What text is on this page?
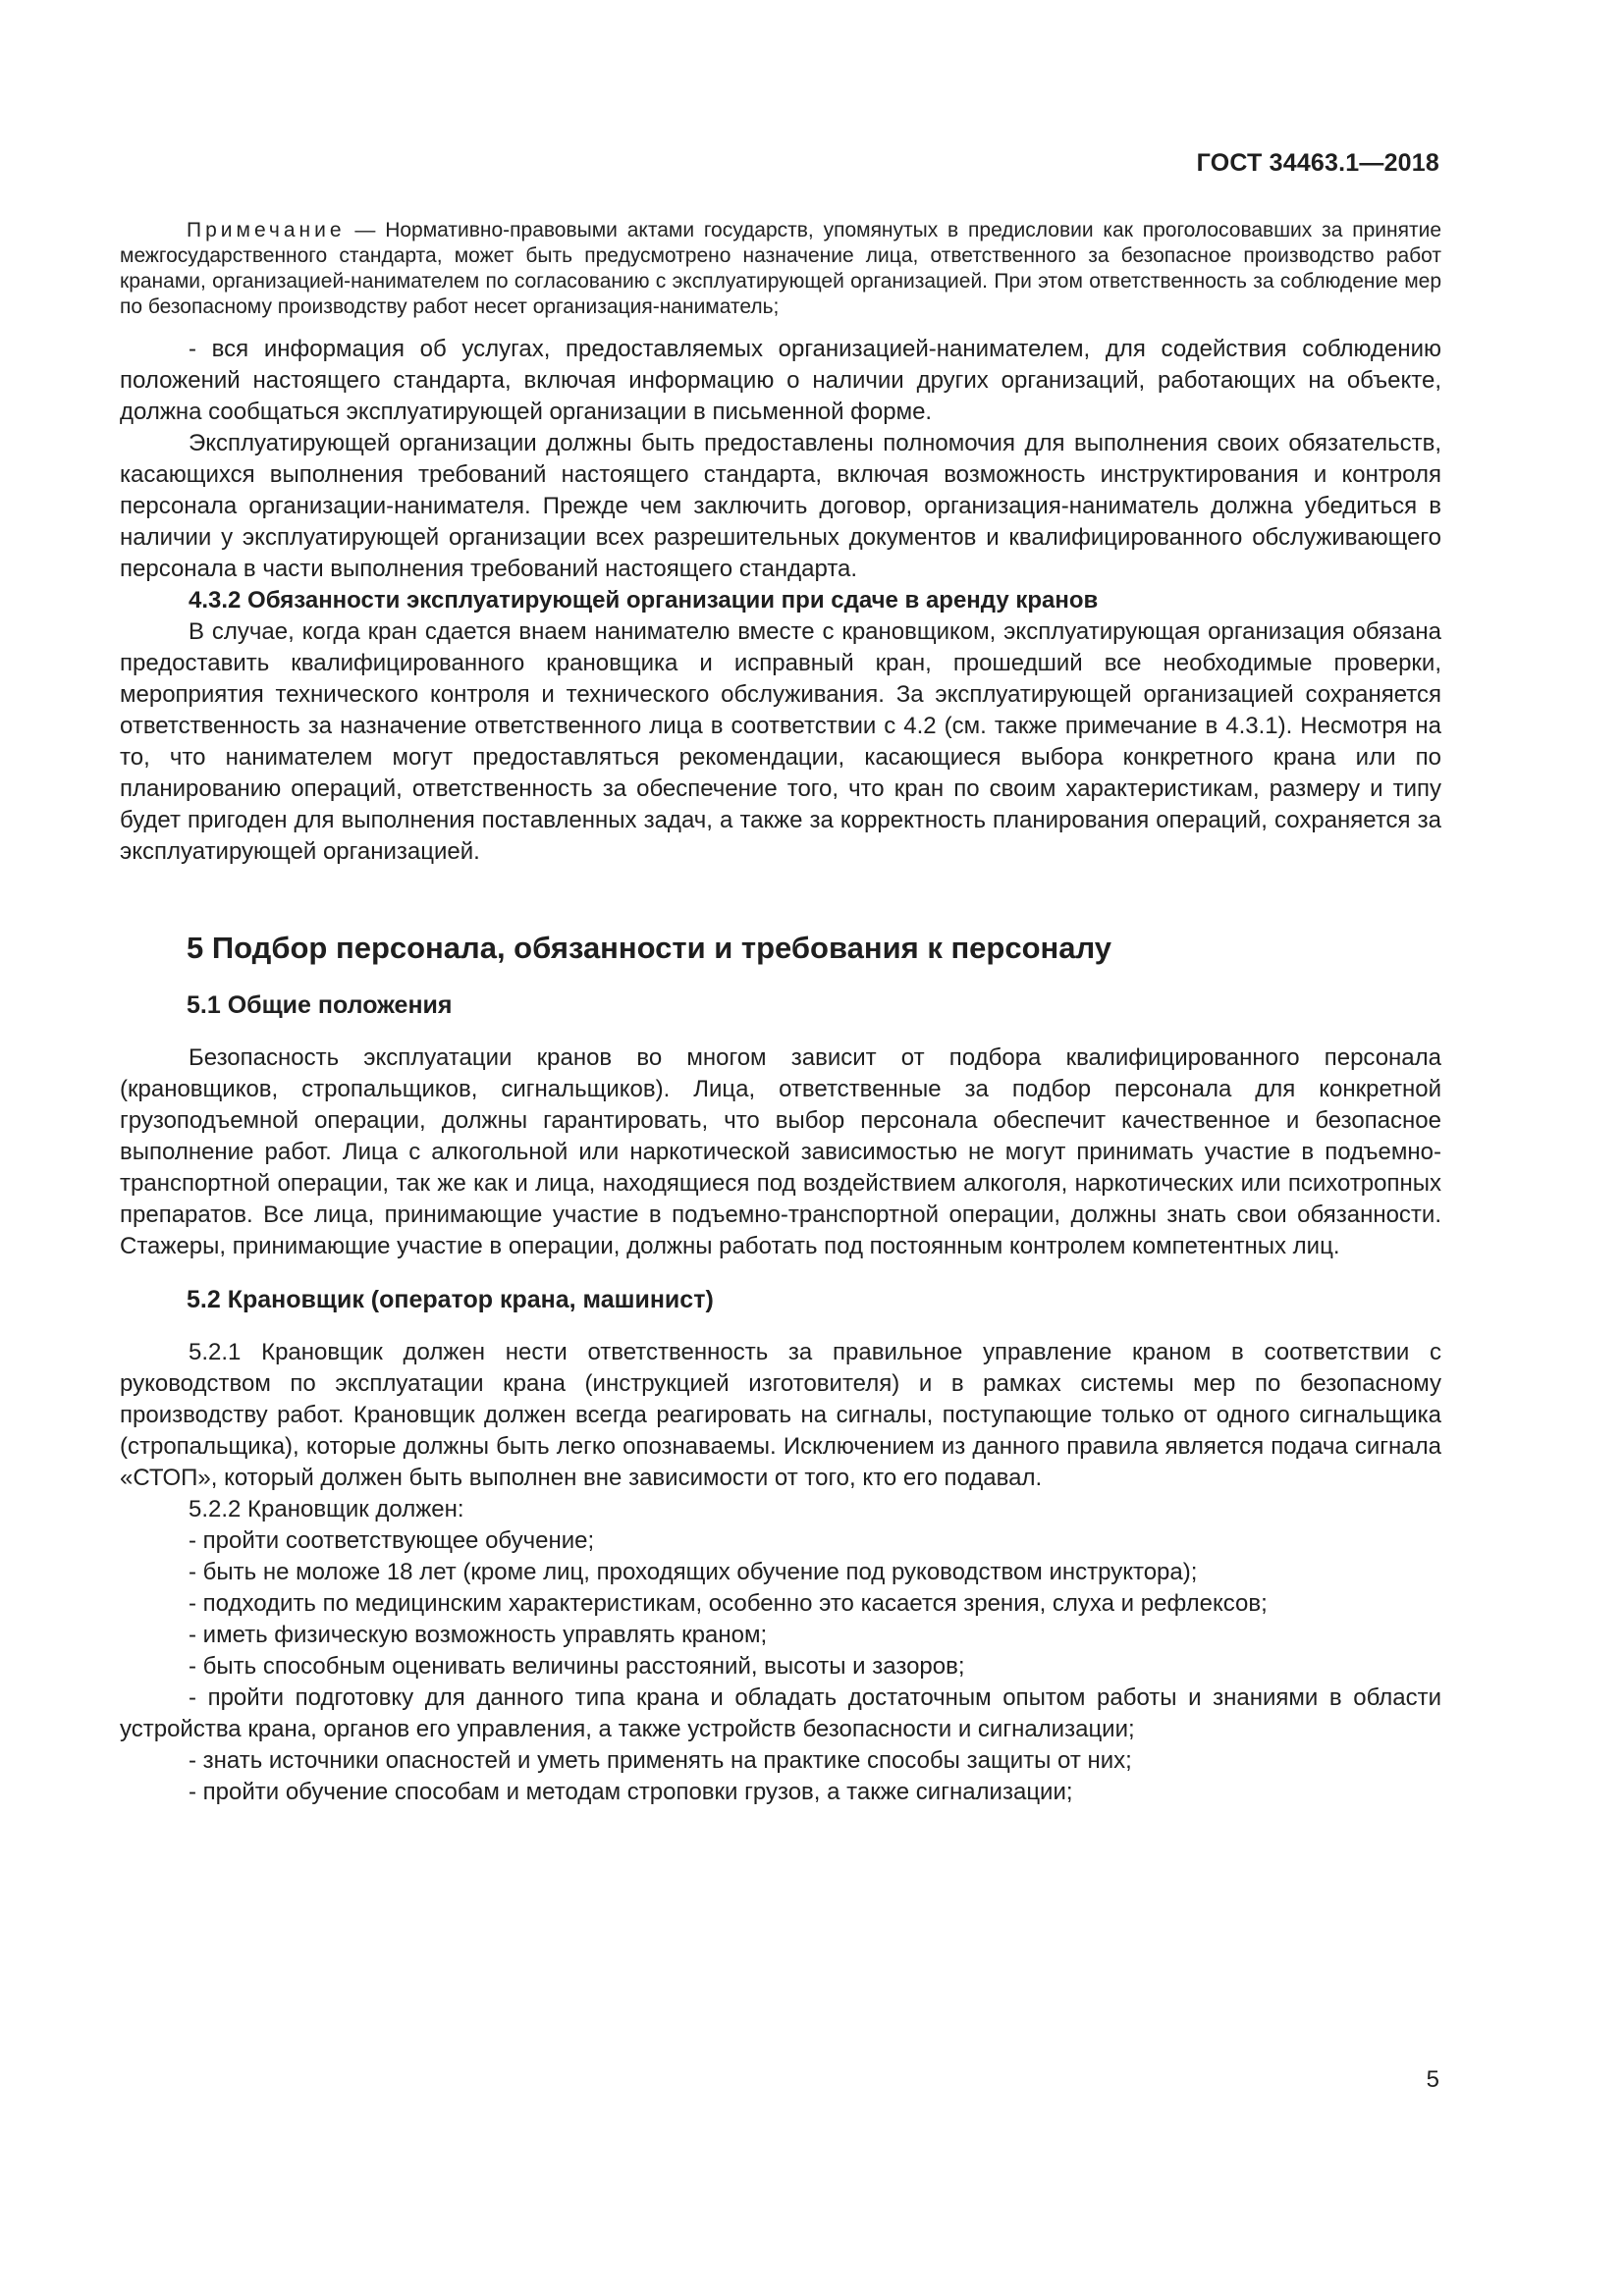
ГОСТ 34463.1—2018

Примечание — Нормативно-правовыми актами государств, упомянутых в предисловии как проголосовавших за принятие межгосударственного стандарта, может быть предусмотрено назначение лица, ответственного за безопасное производство работ кранами, организацией-нанимателем по согласованию с эксплуатирующей организацией. При этом ответственность за соблюдение мер по безопасному производству работ несет организация-наниматель;

- вся информация об услугах, предоставляемых организацией-нанимателем, для содействия соблюдению положений настоящего стандарта, включая информацию о наличии других организаций, работающих на объекте, должна сообщаться эксплуатирующей организации в письменной форме.

Эксплуатирующей организации должны быть предоставлены полномочия для выполнения своих обязательств, касающихся выполнения требований настоящего стандарта, включая возможность инструктирования и контроля персонала организации-нанимателя. Прежде чем заключить договор, организация-наниматель должна убедиться в наличии у эксплуатирующей организации всех разрешительных документов и квалифицированного обслуживающего персонала в части выполнения требований настоящего стандарта.

4.3.2 Обязанности эксплуатирующей организации при сдаче в аренду кранов

В случае, когда кран сдается внаем нанимателю вместе с крановщиком, эксплуатирующая организация обязана предоставить квалифицированного крановщика и исправный кран, прошедший все необходимые проверки, мероприятия технического контроля и технического обслуживания. За эксплуатирующей организацией сохраняется ответственность за назначение ответственного лица в соответствии с 4.2 (см. также примечание в 4.3.1). Несмотря на то, что нанимателем могут предоставляться рекомендации, касающиеся выбора конкретного крана или по планированию операций, ответственность за обеспечение того, что кран по своим характеристикам, размеру и типу будет пригоден для выполнения поставленных задач, а также за корректность планирования операций, сохраняется за эксплуатирующей организацией.

5 Подбор персонала, обязанности и требования к персоналу
5.1 Общие положения

Безопасность эксплуатации кранов во многом зависит от подбора квалифицированного персонала (крановщиков, стропальщиков, сигнальщиков). Лица, ответственные за подбор персонала для конкретной грузоподъемной операции, должны гарантировать, что выбор персонала обеспечит качественное и безопасное выполнение работ. Лица с алкогольной или наркотической зависимостью не могут принимать участие в подъемно-транспортной операции, так же как и лица, находящиеся под воздействием алкоголя, наркотических или психотропных препаратов. Все лица, принимающие участие в подъемно-транспортной операции, должны знать свои обязанности. Стажеры, принимающие участие в операции, должны работать под постоянным контролем компетентных лиц.

5.2 Крановщик (оператор крана, машинист)

5.2.1 Крановщик должен нести ответственность за правильное управление краном в соответствии с руководством по эксплуатации крана (инструкцией изготовителя) и в рамках системы мер по безопасному производству работ. Крановщик должен всегда реагировать на сигналы, поступающие только от одного сигнальщика (стропальщика), которые должны быть легко опознаваемы. Исключением из данного правила является подача сигнала «СТОП», который должен быть выполнен вне зависимости от того, кто его подавал.

5.2.2 Крановщик должен:

- пройти соответствующее обучение;

- быть не моложе 18 лет (кроме лиц, проходящих обучение под руководством инструктора);

- подходить по медицинским характеристикам, особенно это касается зрения, слуха и рефлексов;

- иметь физическую возможность управлять краном;

- быть способным оценивать величины расстояний, высоты и зазоров;

- пройти подготовку для данного типа крана и обладать достаточным опытом работы и знаниями в области устройства крана, органов его управления, а также устройств безопасности и сигнализации;

- знать источники опасностей и уметь применять на практике способы защиты от них;

- пройти обучение способам и методам строповки грузов, а также сигнализации;

5
